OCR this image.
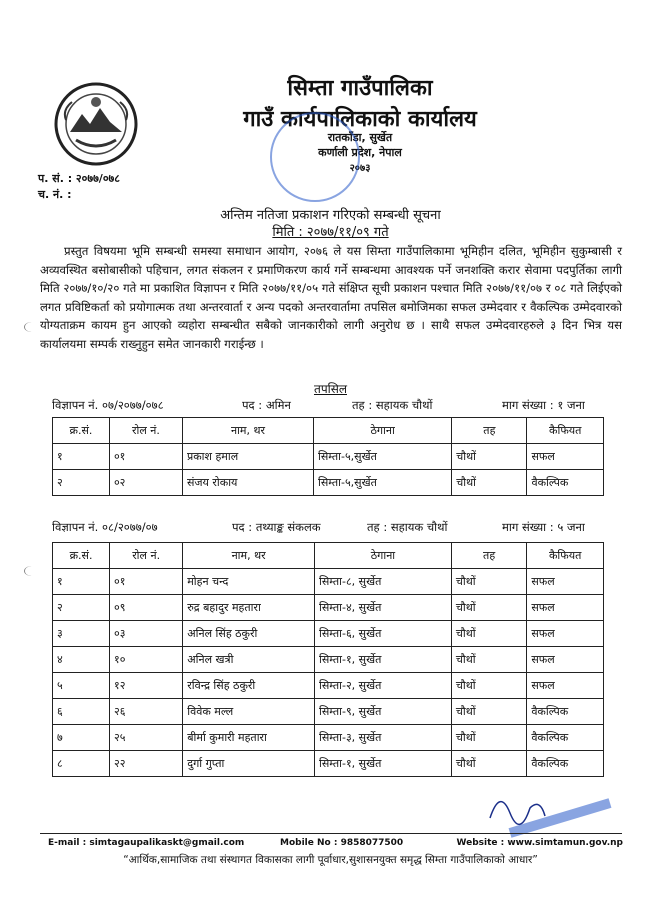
सिम्ता गाउँपालिका
गाउँ कार्यपालिकाको कार्यालय
रातकाँडा, सुर्खेत
कर्णाली प्रदेश, नेपाल
२०७३
प. सं. : २०७७/०७८
च. नं. :
अन्तिम नतिजा प्रकाशन गरिएको सम्बन्धी सूचना
मिति : २०७७/११/०९ गते
प्रस्तुत विषयमा भूमि सम्बन्धी समस्या समाधान आयोग, २०७६ ले यस सिम्ता गाउँपालिकामा भूमिहीन दलित, भूमिहीन सुकुम्बासी र अव्यवस्थित बसोबासीको पहिचान, लगत संकलन र प्रमाणिकरण कार्य गर्ने सम्बन्धमा आवश्यक पर्ने जनशक्ति करार सेवामा पदपुर्तिका लागी मिति २०७७/१०/२० गते मा प्रकाशित विज्ञापन र मिति २०७७/११/०५ गते संक्षिप्त सूची प्रकाशन पश्चात मिति २०७७/११/०७ र ०८ गते लिईएको लगत प्रविष्टिकर्ता को प्रयोगात्मक तथा अन्तरवार्ता र अन्य पदको अन्तरवार्तामा तपसिल बमोजिमका सफल उम्मेदवार र वैकल्पिक उम्मेदवारको योग्यताक्रम कायम हुन आएको व्यहोरा सम्बन्धीत सबैको जानकारीको लागी अनुरोध छ । साथै सफल उम्मेदवारहरुले ३ दिन भित्र यस कार्यालयमा सम्पर्क राख्नुहुन समेत जानकारी गराईन्छ ।
तपसिल
विज्ञापन नं. ०७/२०७७/०७८	पद : अमिन	तह : सहायक चौथों	माग संख्या : १ जना
क्र.सं.	रोल नं.	नाम, थर	ठेगाना	तह	कैफियत
१	०१	प्रकाश हमाल	सिम्ता-५,सुर्खेत	चौथों	सफल
२	०२	संजय रोकाय	सिम्ता-५,सुर्खेत	चौथों	वैकल्पिक
विज्ञापन नं. ०८/२०७७/०७	पद : तथ्याङ्क संकलक	तह : सहायक चौथों	माग संख्या : ५ जना
क्र.सं.	रोल नं.	नाम, थर	ठेगाना	तह	कैफियत
१	०१	मोहन चन्द	सिम्ता-८, सुर्खेत	चौथों	सफल
२	०९	रुद्र बहादुर महतारा	सिम्ता-४, सुर्खेत	चौथों	सफल
३	०३	अनिल सिंह ठकुरी	सिम्ता-६, सुर्खेत	चौथों	सफल
४	१०	अनिल खत्री	सिम्ता-१, सुर्खेत	चौथों	सफल
५	१२	रविन्द्र सिंह ठकुरी	सिम्ता-२, सुर्खेत	चौथों	सफल
६	२६	विवेक मल्ल	सिम्ता-९, सुर्खेत	चौथों	वैकल्पिक
७	२५	बीर्मा कुमारी महतारा	सिम्ता-३, सुर्खेत	चौथों	वैकल्पिक
८	२२	दुर्गा गुप्ता	सिम्ता-१, सुर्खेत	चौथों	वैकल्पिक
E-mail : simtagaupalikaskt@gmail.com	Mobile No : 9858077500	Website : www.simtamun.gov.np
“आर्थिक,सामाजिक तथा संस्थागत विकासका लागी पूर्वाधार,सुशासनयुक्त समृद्ध सिम्ता गाउँपालिकाको आधार”
